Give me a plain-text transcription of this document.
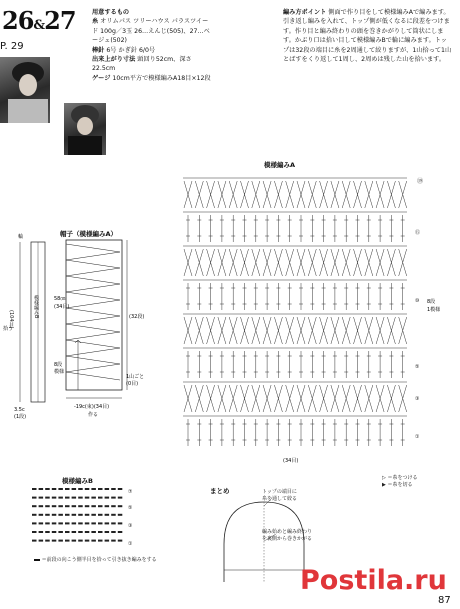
26&27
P. 29
用意するもの
糸 オリムパス ツリーハウス パラスツイード 100g／3玉 26…えんじ(505)、27…ベージュ(502)
棒針 6号 かぎ針 6/0号
出来上がり寸法 頭回り52cm、深さ22.5cm
ゲージ 10cm平方で模様編みA18目×12段
編み方ポイント 側面で作り目をして模様編みAで編みます。引き返し編みを入れて、トップ側が低くなるに段差をつけます。作り目と編み終わりの頭を巻きかがりして筒状にします。かぶり口は拾い目して模様編みBで輪に編みます。トップは32段の端目に糸を2周通して絞りますが、1山拾って1山とばすをくり返して1周し、2周めは残した山を拾います。
帽子（模様編みA）
輪
拾う
3.5c
(1段)
58㎝
(34目)
(32段)
8段
模様
1山ごと
(0目)
-19c(束)(34目)
作る
模様編みB
(104目)
模様編みA
⑮
⑩
⑤
③
①
⑲
8段
1模様
(34目)
模様編みB
⑦
⑤
③
①
＝前段の向こう側半目を拾って引き抜き編みをする
▷ ＝糸をつける
▶ ＝糸を切る
まとめ	トップの端目に
糸を通して絞る
編み始めと編み終わり
を裏側から巻きかがる
Postila.ru
87
